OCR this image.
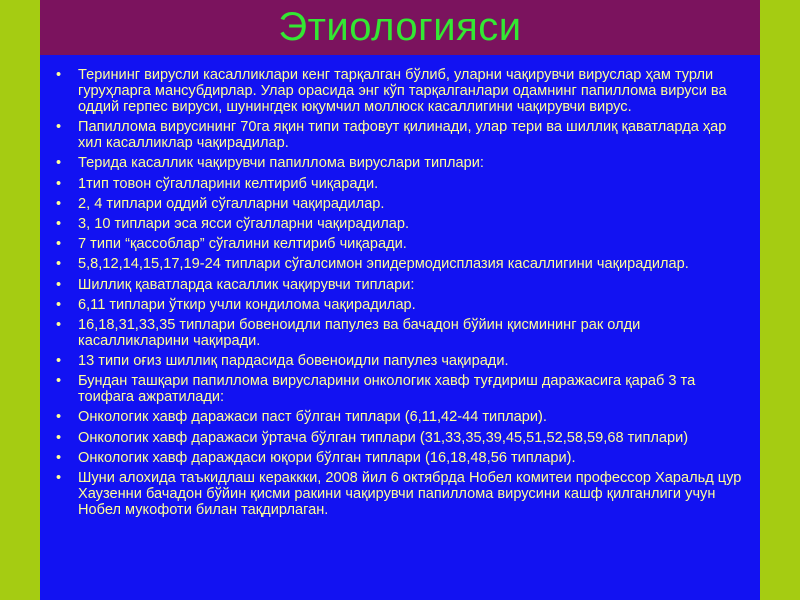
Этиологияси
• Терининг вирусли касалликлари кенг тарқалган бўлиб, уларни чақирувчи вируслар ҳам турли гуруҳларга мансубдирлар. Улар орасида энг кўп тарқалганлари одамнинг папиллома вируси ва оддий герпес вируси, шунингдек юқумчил моллюск касаллигини чақирувчи вирус.
• Папиллома вирусининг 70га яқин типи тафовут қилинади, улар тери ва шиллиқ қаватларда ҳар хил касалликлар чақирадилар.
• Терида касаллик чақирувчи папиллома вируслари типлари:
• 1тип товон сўгалларини келтириб чиқаради.
• 2, 4 типлари оддий сўгалларни чақирадилар.
• 3, 10 типлари эса ясси сўгалларни чақирадилар.
• 7 типи “қассоблар” сўгалини келтириб чиқаради.
• 5,8,12,14,15,17,19-24 типлари сўгалсимон эпидермодисплазия касаллигини чақирадилар.
• Шиллиқ қаватларда касаллик чақирувчи типлари:
• 6,11 типлари ўткир учли кондилома чақирадилар.
• 16,18,31,33,35 типлари бовеноидли папулез ва бачадон бўйин қисмининг рак олди касалликларини чақиради.
• 13 типи оғиз шиллиқ пардасида бовеноидли папулез чақиради.
• Бундан ташқари папиллома вирусларини онкологик хавф туғдириш даражасига қараб 3 та тоифага ажратилади:
• Онкологик хавф даражаси паст бўлган типлари (6,11,42-44 типлари).
• Онкологик хавф даражаси ўртача бўлган типлари (31,33,35,39,45,51,52,58,59,68 типлари)
• Онкологик хавф дараждаси юқори бўлган типлари (16,18,48,56 типлари).
• Шуни алохида таъкидлаш кераккки, 2008 йил 6 октябрда Нобел комитеи профессор Харальд цур Хаузенни бачадон бўйин қисми ракини чақирувчи папиллома вирусини кашф қилганлиги учун Нобел мукофоти билан тақдирлаган.
